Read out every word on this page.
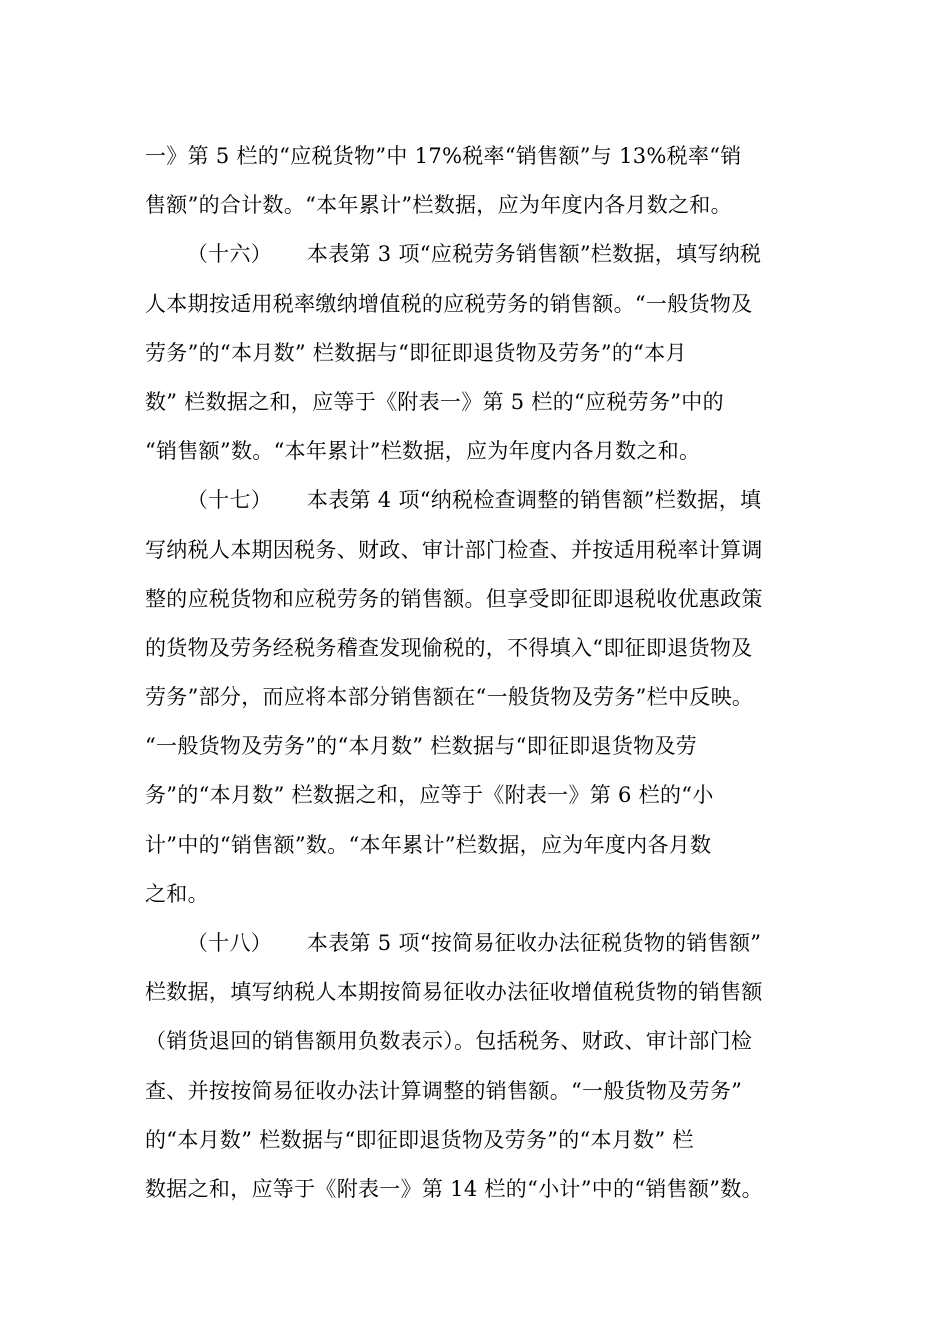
一》第 5 栏的“应税货物”中 17%税率“销售额”与 13%税率“销
售额”的合计数。“本年累计”栏数据，应为年度内各月数之和。
（十六）     本表第 3 项“应税劳务销售额”栏数据，填写纳税
人本期按适用税率缴纳增值税的应税劳务的销售额。“一般货物及
劳务”的“本月数” 栏数据与“即征即退货物及劳务”的“本月
数” 栏数据之和，应等于《附表一》第 5 栏的“应税劳务”中的
“销售额”数。“本年累计”栏数据，应为年度内各月数之和。
（十七）     本表第 4 项“纳税检查调整的销售额”栏数据，填
写纳税人本期因税务、财政、审计部门检查、并按适用税率计算调
整的应税货物和应税劳务的销售额。但享受即征即退税收优惠政策
的货物及劳务经税务稽查发现偷税的，不得填入“即征即退货物及
劳务”部分，而应将本部分销售额在“一般货物及劳务”栏中反映。
“一般货物及劳务”的“本月数” 栏数据与“即征即退货物及劳
务”的“本月数” 栏数据之和，应等于《附表一》第 6 栏的“小
计”中的“销售额”数。“本年累计”栏数据，应为年度内各月数
之和。
（十八）     本表第 5 项“按简易征收办法征税货物的销售额”
栏数据，填写纳税人本期按简易征收办法征收增值税货物的销售额
（销货退回的销售额用负数表示）。包括税务、财政、审计部门检
查、并按按简易征收办法计算调整的销售额。“一般货物及劳务”
的“本月数” 栏数据与“即征即退货物及劳务”的“本月数” 栏
数据之和，应等于《附表一》第 14 栏的“小计”中的“销售额”数。
